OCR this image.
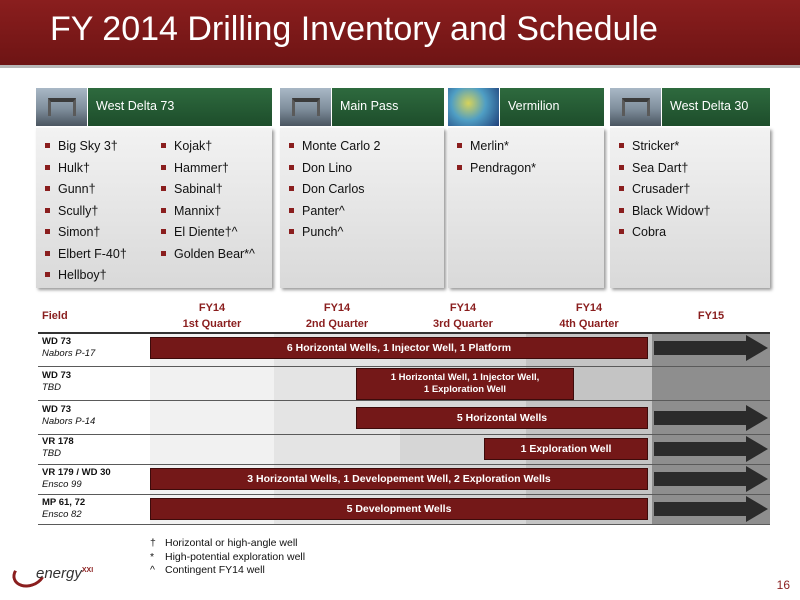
FY 2014 Drilling Inventory and Schedule
West Delta 73
Big Sky 3†
Hulk†
Gunn†
Scully†
Simon†
Elbert F-40†
Hellboy†
Kojak†
Hammer†
Sabinal†
Mannix†
El Diente†^
Golden Bear*^
Main Pass
Monte Carlo 2
Don Lino
Don Carlos
Panter^
Punch^
Vermilion
Merlin*
Pendragon*
West Delta 30
Stricker*
Sea Dart†
Crusader†
Black Widow†
Cobra
Field
FY14
1st Quarter
FY14
2nd Quarter
FY14
3rd Quarter
FY14
4th Quarter
FY15
WD 73
Nabors P-17
WD 73
TBD
WD 73
Nabors P-14
VR 178
TBD
VR 179 / WD 30
Ensco 99
MP 61, 72
Ensco 82
6 Horizontal Wells, 1 Injector Well, 1 Platform
1 Horizontal Well, 1 Injector Well,
1 Exploration Well
5 Horizontal Wells
1 Exploration Well
3 Horizontal Wells, 1 Developement Well, 2 Exploration Wells
5 Development Wells
† Horizontal or high-angle well
* High-potential exploration well
^ Contingent FY14 well
energy$^{XXI}$
16
